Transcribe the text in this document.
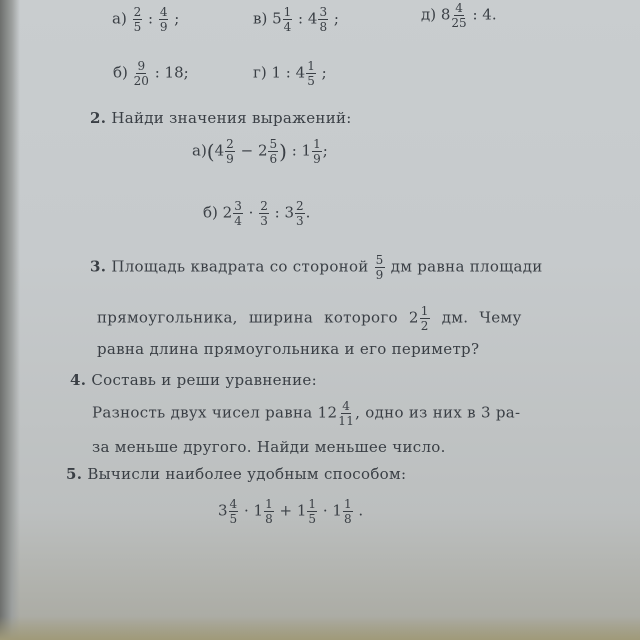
$а) \frac{2}{5}$ : $\frac{4}{9}$ ;	в) $5 \frac{1}{4}$ : $4 \frac{3}{8}$ ;	д) $8 \frac{4}{25}$ : 4.
$б) \frac{9}{20}$ : 18;	г) 1 : $4 \frac{1}{5}$ ;
2. Найди значения выражений:
$а)(4 \frac{2}{9} - 2 \frac{5}{6}$ ) : $1 \frac{1}{9}$ ;
б) $2 \frac{3}{4} \cdot \frac{2}{3}$ : $3 \frac{2}{3}$ .
3. Площадь квадрата со стороной $\frac{5}{9}$ дм равна площади
прямоугольника, ширина которого $2 \frac{1}{2}$ дм. Чему
равна длина прямоугольника и его периметр?
4. Составь и реши уравнение:
Разность двух чисел равна $12 \frac{4}{11}$ , одно из них в 3 ра-
за меньше другого. Найди меньшее число.
5. Вычисли наиболее удобным способом:
$3 \frac{4}{5} \cdot 1 \frac{1}{8} + 1 \frac{1}{5} \cdot 1 \frac{1}{8}$ .
